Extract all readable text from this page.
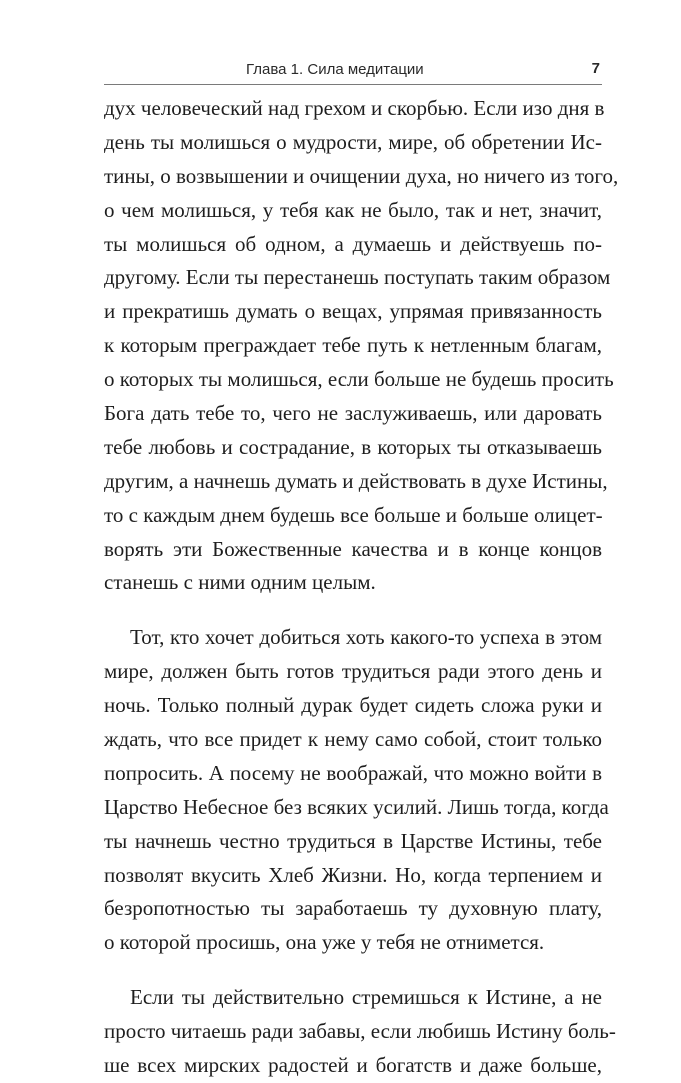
Глава 1. Сила медитации	7
дух человеческий над грехом и скорбью. Если изо дня в
день ты молишься о мудрости, мире, об обретении Ис-
тины, о возвышении и очищении духа, но ничего из того,
о чем молишься, у тебя как не было, так и нет, значит,
ты молишься об одном, а думаешь и действуешь по-
другому. Если ты перестанешь поступать таким образом
и прекратишь думать о вещах, упрямая привязанность
к которым преграждает тебе путь к нетленным благам,
о которых ты молишься, если больше не будешь просить
Бога дать тебе то, чего не заслуживаешь, или даровать
тебе любовь и сострадание, в которых ты отказываешь
другим, а начнешь думать и действовать в духе Истины,
то с каждым днем будешь все больше и больше олицет-
ворять эти Божественные качества и в конце концов
станешь с ними одним целым.
Тот, кто хочет добиться хоть какого-то успеха в этом
мире, должен быть готов трудиться ради этого день и
ночь. Только полный дурак будет сидеть сложа руки и
ждать, что все придет к нему само собой, стоит только
попросить. А посему не воображай, что можно войти в
Царство Небесное без всяких усилий. Лишь тогда, когда
ты начнешь честно трудиться в Царстве Истины, тебе
позволят вкусить Хлеб Жизни. Но, когда терпением и
безропотностью ты заработаешь ту духовную плату,
о которой просишь, она уже у тебя не отнимется.
Если ты действительно стремишься к Истине, а не
просто читаешь ради забавы, если любишь Истину боль-
ше всех мирских радостей и богатств и даже больше,
